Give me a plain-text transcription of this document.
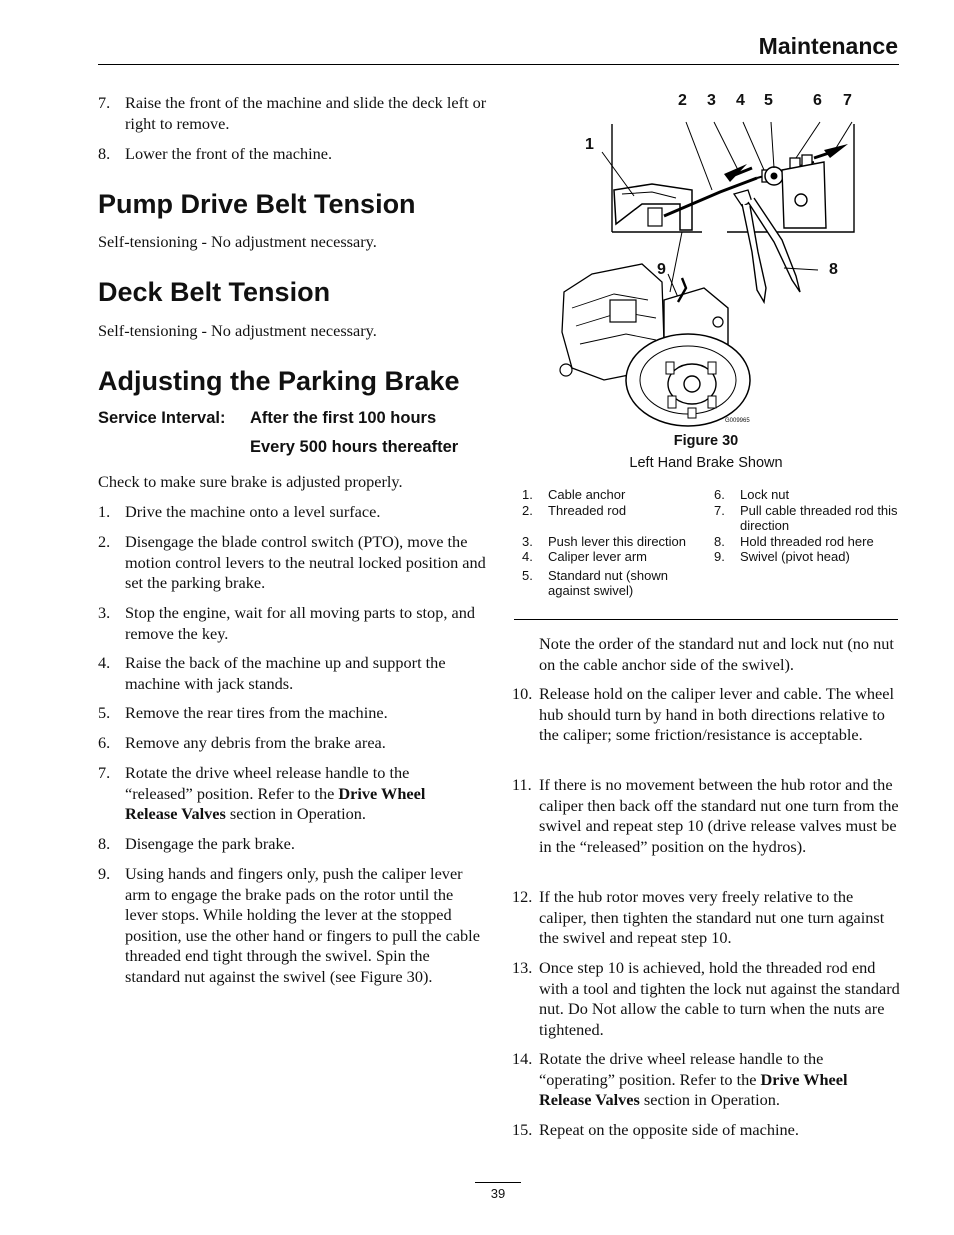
Maintenance
7. Raise the front of the machine and slide the deck left or right to remove.
8. Lower the front of the machine.
Pump Drive Belt Tension
Self-tensioning - No adjustment necessary.
Deck Belt Tension
Self-tensioning - No adjustment necessary.
Adjusting the Parking Brake
Service Interval: After the first 100 hours
Every 500 hours thereafter
Check to make sure brake is adjusted properly.
1. Drive the machine onto a level surface.
2. Disengage the blade control switch (PTO), move the motion control levers to the neutral locked position and set the parking brake.
3. Stop the engine, wait for all moving parts to stop, and remove the key.
4. Raise the back of the machine up and support the machine with jack stands.
5. Remove the rear tires from the machine.
6. Remove any debris from the brake area.
7. Rotate the drive wheel release handle to the “released” position. Refer to the Drive Wheel Release Valves section in Operation.
8. Disengage the park brake.
9. Using hands and fingers only, push the caliper lever arm to engage the brake pads on the rotor until the lever stops. While holding the lever at the stopped position, use the other hand or fingers to pull the cable threaded end tight through the swivel. Spin the standard nut against the swivel (see Figure 30).
1
2 3 4 5	6 7
8
9
G009965
Figure 30
Left Hand Brake Shown
1. Cable anchor
2. Threaded rod
3. Push lever this direction
4. Caliper lever arm
5. Standard nut (shown against swivel)
6. Lock nut
7. Pull cable threaded rod this direction
8. Hold threaded rod here
9. Swivel (pivot head)
Note the order of the standard nut and lock nut (no nut on the cable anchor side of the swivel).
10. Release hold on the caliper lever and cable. The wheel hub should turn by hand in both directions relative to the caliper; some friction/resistance is acceptable.
11. If there is no movement between the hub rotor and the caliper then back off the standard nut one turn from the swivel and repeat step 10 (drive release valves must be in the “released” position on the hydros).
12. If the hub rotor moves very freely relative to the caliper, then tighten the standard nut one turn against the swivel and repeat step 10.
13. Once step 10 is achieved, hold the threaded rod end with a tool and tighten the lock nut against the standard nut. Do Not allow the cable to turn when the nuts are tightened.
14. Rotate the drive wheel release handle to the “operating” position. Refer to the Drive Wheel Release Valves section in Operation.
15. Repeat on the opposite side of machine.
39
